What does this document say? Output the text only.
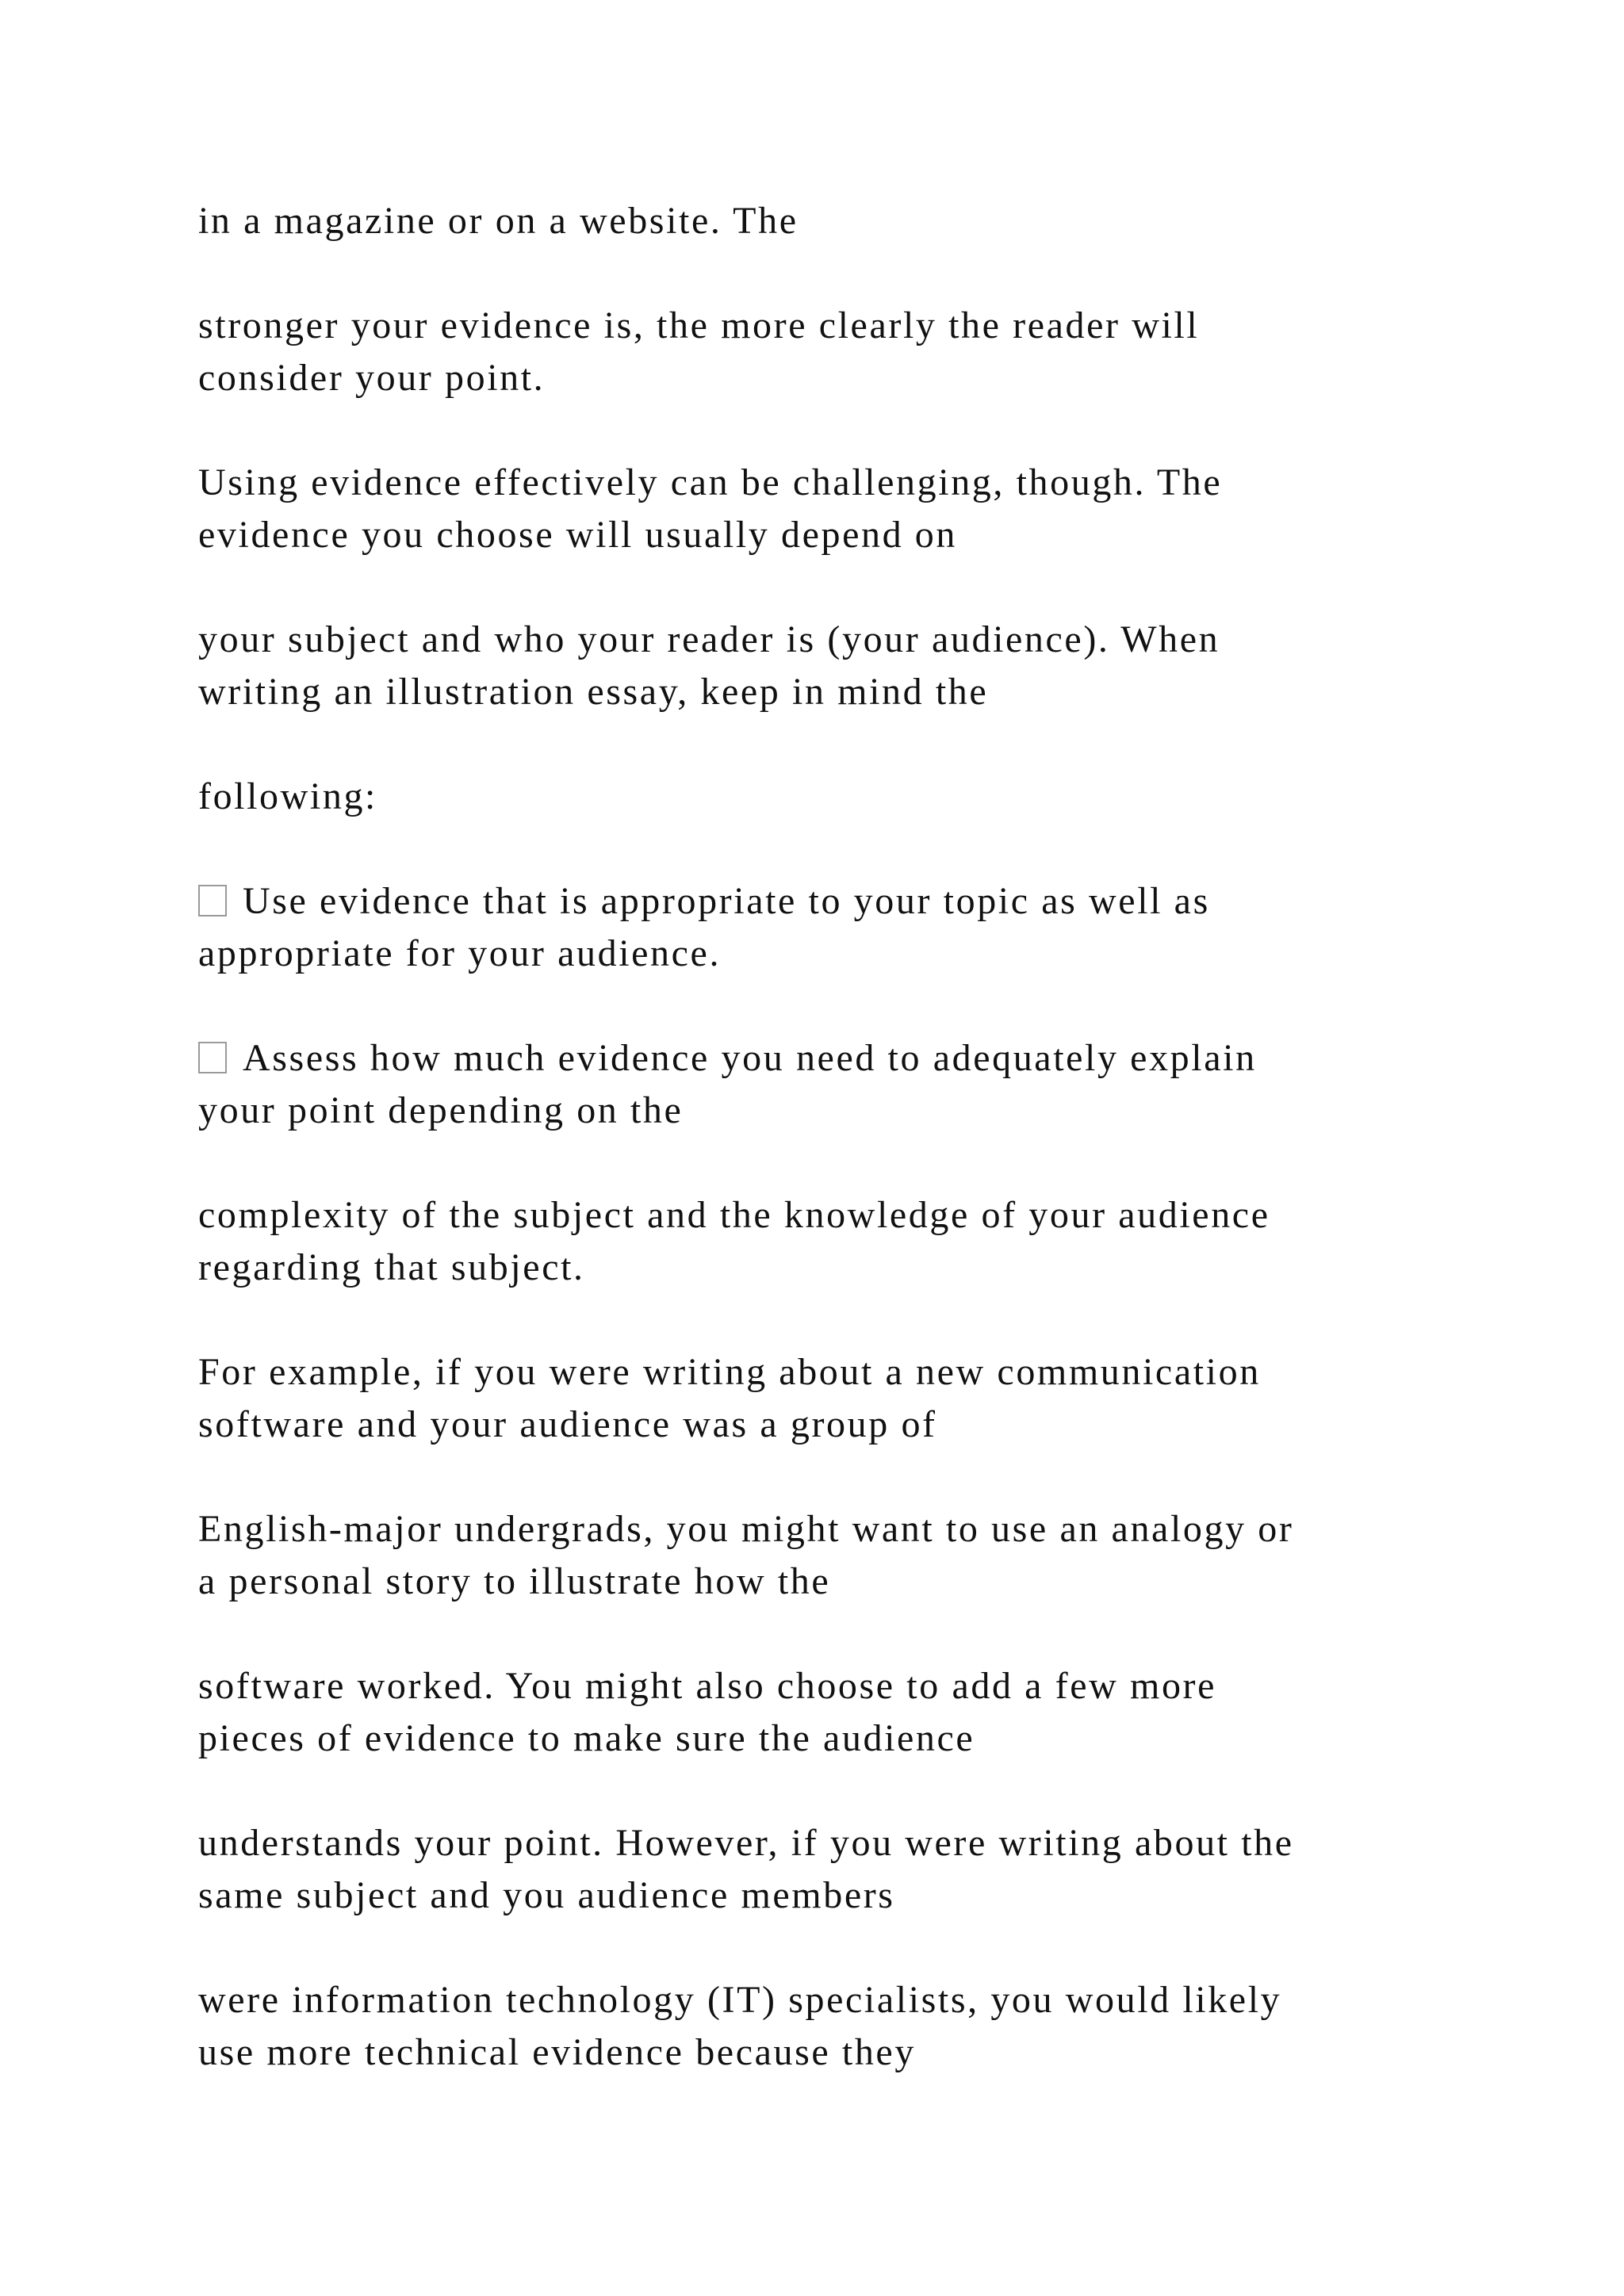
in a magazine or on a website. The

stronger your evidence is, the more clearly the reader will
consider your point.

Using evidence effectively can be challenging, though. The
evidence you choose will usually depend on

your subject and who your reader is (your audience). When
writing an illustration essay, keep in mind the

following:

Use evidence that is appropriate to your topic as well as
appropriate for your audience.

Assess how much evidence you need to adequately explain
your point depending on the

complexity of the subject and the knowledge of your audience
regarding that subject.

For example, if you were writing about a new communication
software and your audience was a group of

English-major undergrads, you might want to use an analogy or
a personal story to illustrate how the

software worked. You might also choose to add a few more
pieces of evidence to make sure the audience

understands your point. However, if you were writing about the
same subject and you audience members

were information technology (IT) specialists, you would likely
use more technical evidence because they
